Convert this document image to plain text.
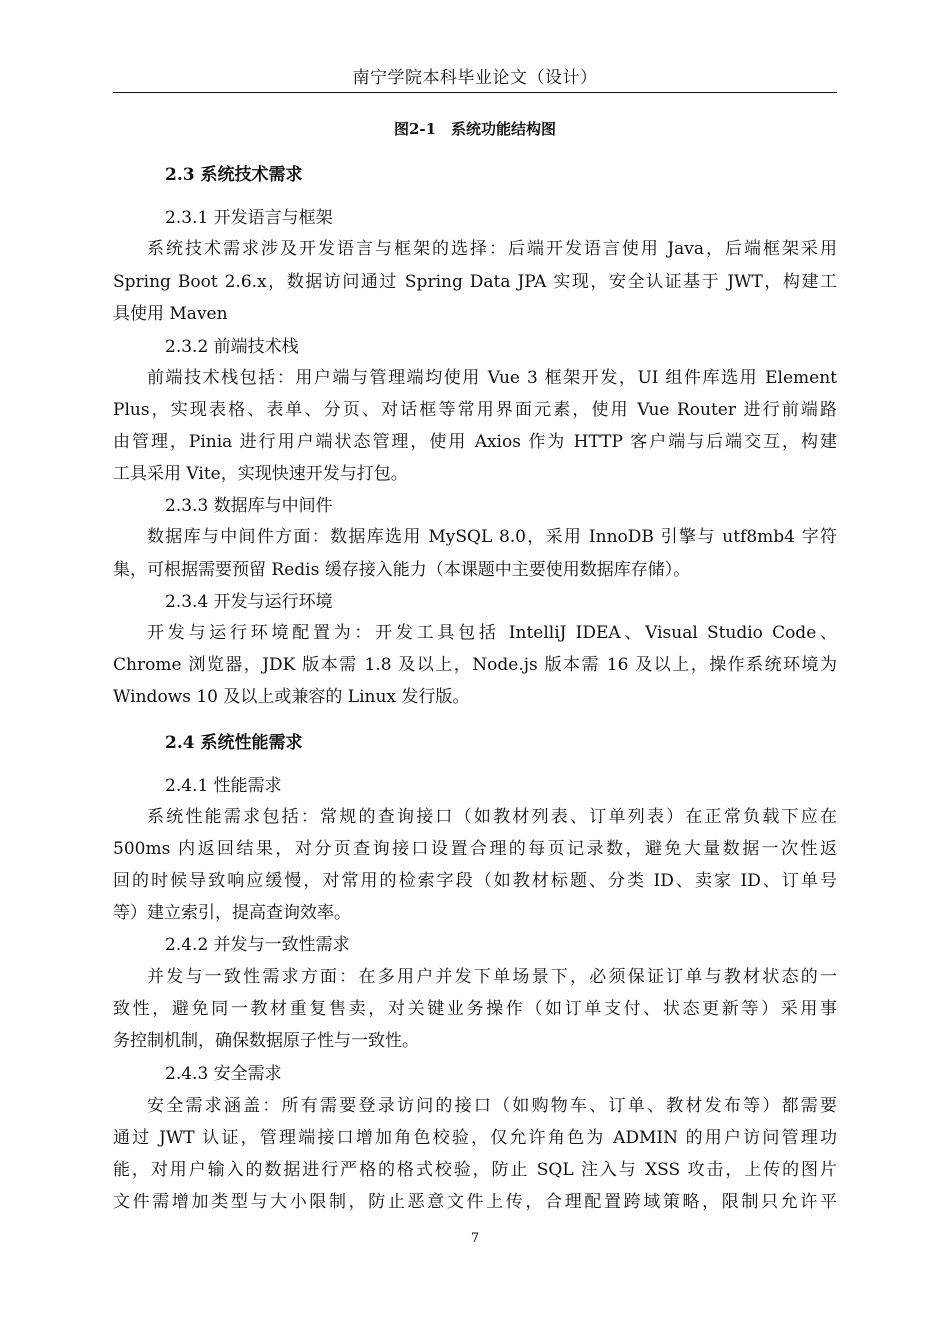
南宁学院本科毕业论文（设计）
图2-1　系统功能结构图
2.3 系统技术需求
2.3.1 开发语言与框架
系统技术需求涉及开发语言与框架的选择：后端开发语言使用 Java，后端框架采用
Spring Boot 2.6.x，数据访问通过 Spring Data JPA 实现，安全认证基于 JWT，构建工
具使用 Maven
2.3.2 前端技术栈
前端技术栈包括：用户端与管理端均使用 Vue 3 框架开发，UI 组件库选用 Element
Plus，实现表格、表单、分页、对话框等常用界面元素，使用 Vue Router 进行前端路
由管理，Pinia 进行用户端状态管理，使用 Axios 作为 HTTP 客户端与后端交互，构建
工具采用 Vite，实现快速开发与打包。
2.3.3 数据库与中间件
数据库与中间件方面：数据库选用 MySQL 8.0，采用 InnoDB 引擎与 utf8mb4 字符
集，可根据需要预留 Redis 缓存接入能力（本课题中主要使用数据库存储）。
2.3.4 开发与运行环境
开发与运行环境配置为：开发工具包括 IntelliJ IDEA、Visual Studio Code、
Chrome 浏览器，JDK 版本需 1.8 及以上，Node.js 版本需 16 及以上，操作系统环境为
Windows 10 及以上或兼容的 Linux 发行版。
2.4 系统性能需求
2.4.1 性能需求
系统性能需求包括：常规的查询接口（如教材列表、订单列表）在正常负载下应在
500ms 内返回结果，对分页查询接口设置合理的每页记录数，避免大量数据一次性返
回的时候导致响应缓慢，对常用的检索字段（如教材标题、分类 ID、卖家 ID、订单号
等）建立索引，提高查询效率。
2.4.2 并发与一致性需求
并发与一致性需求方面：在多用户并发下单场景下，必须保证订单与教材状态的一
致性，避免同一教材重复售卖，对关键业务操作（如订单支付、状态更新等）采用事
务控制机制，确保数据原子性与一致性。
2.4.3 安全需求
安全需求涵盖：所有需要登录访问的接口（如购物车、订单、教材发布等）都需要
通过 JWT 认证，管理端接口增加角色校验，仅允许角色为 ADMIN 的用户访问管理功
能，对用户输入的数据进行严格的格式校验，防止 SQL 注入与 XSS 攻击，上传的图片
文件需增加类型与大小限制，防止恶意文件上传，合理配置跨域策略，限制只允许平
7
